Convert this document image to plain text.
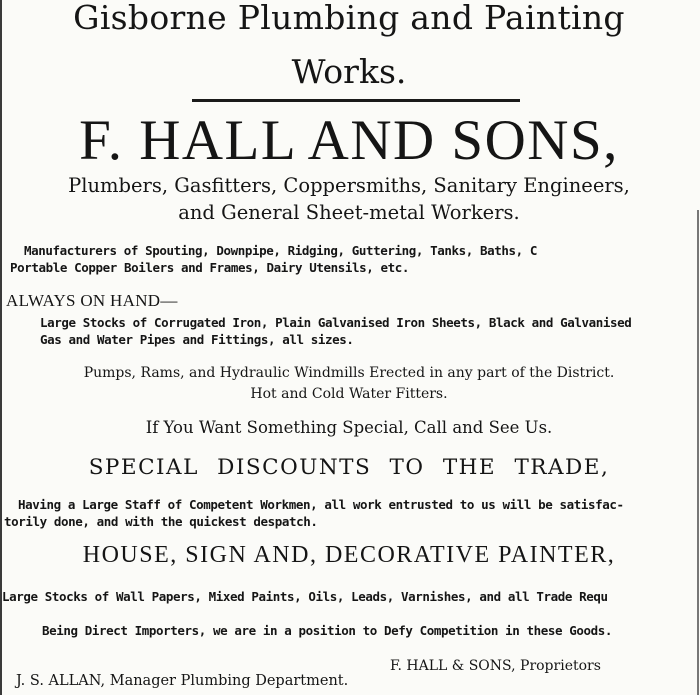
Gisborne Plumbing and Painting
Works.
F. HALL AND SONS,
Plumbers, Gasfitters, Coppersmiths, Sanitary Engineers,
and General Sheet-metal Workers.
Manufacturers of Spouting, Downpipe, Ridging, Guttering, Tanks, Baths, C
Portable Copper Boilers and Frames, Dairy Utensils, etc.
ALWAYS ON HAND—
Large Stocks of Corrugated Iron, Plain Galvanised Iron Sheets, Black and Galvanised
Gas and Water Pipes and Fittings, all sizes.
Pumps, Rams, and Hydraulic Windmills Erected in any part of the District.
Hot and Cold Water Fitters.
If You Want Something Special, Call and See Us.
SPECIAL DISCOUNTS TO THE TRADE,
Having a Large Staff of Competent Workmen, all work entrusted to us will be satisfac-
torily done, and with the quickest despatch.
HOUSE, SIGN AND, DECORATIVE PAINTER,
Large Stocks of Wall Papers, Mixed Paints, Oils, Leads, Varnishes, and all Trade Requ
Being Direct Importers, we are in a position to Defy Competition in these Goods.
F. HALL & SONS, Proprietors
J. S. ALLAN, Manager Plumbing Department.
